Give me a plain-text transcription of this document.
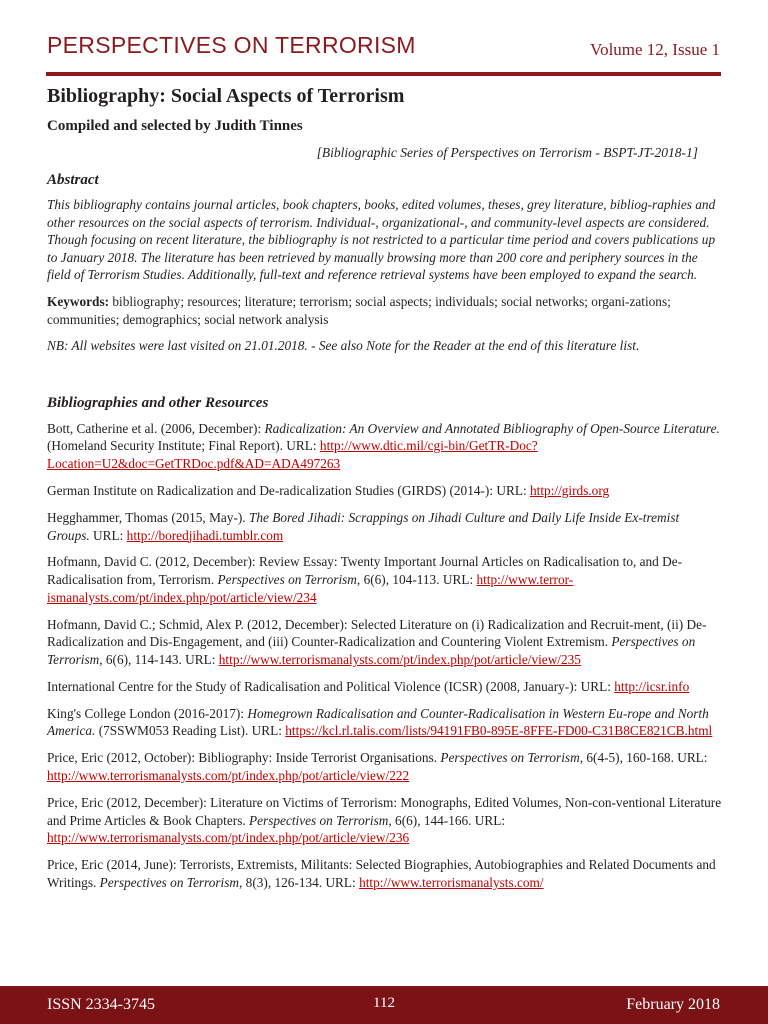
PERSPECTIVES ON TERRORISM	Volume 12, Issue 1
Bibliography: Social Aspects of Terrorism
Compiled and selected by Judith Tinnes
[Bibliographic Series of Perspectives on Terrorism - BSPT-JT-2018-1]
Abstract
This bibliography contains journal articles, book chapters, books, edited volumes, theses, grey literature, bibliog-raphies and other resources on the social aspects of terrorism. Individual-, organizational-, and community-level aspects are considered. Though focusing on recent literature, the bibliography is not restricted to a particular time period and covers publications up to January 2018. The literature has been retrieved by manually browsing more than 200 core and periphery sources in the field of Terrorism Studies. Additionally, full-text and reference retrieval systems have been employed to expand the search.
Keywords: bibliography; resources; literature; terrorism; social aspects; individuals; social networks; organi-zations; communities; demographics; social network analysis
NB: All websites were last visited on 21.01.2018. - See also Note for the Reader at the end of this literature list.
Bibliographies and other Resources
Bott, Catherine et al. (2006, December): Radicalization: An Overview and Annotated Bibliography of Open-Source Literature. (Homeland Security Institute; Final Report). URL: http://www.dtic.mil/cgi-bin/GetTR-Doc?Location=U2&doc=GetTRDoc.pdf&AD=ADA497263
German Institute on Radicalization and De-radicalization Studies (GIRDS) (2014-): URL: http://girds.org
Hegghammer, Thomas (2015, May-). The Bored Jihadi: Scrappings on Jihadi Culture and Daily Life Inside Ex-tremist Groups. URL: http://boredjihadi.tumblr.com
Hofmann, David C. (2012, December): Review Essay: Twenty Important Journal Articles on Radicalisation to, and De-Radicalisation from, Terrorism. Perspectives on Terrorism, 6(6), 104-113. URL: http://www.terror-ismanalysts.com/pt/index.php/pot/article/view/234
Hofmann, David C.; Schmid, Alex P. (2012, December): Selected Literature on (i) Radicalization and Recruit-ment, (ii) De-Radicalization and Dis-Engagement, and (iii) Counter-Radicalization and Countering Violent Extremism. Perspectives on Terrorism, 6(6), 114-143. URL: http://www.terrorismanalysts.com/pt/index.php/pot/article/view/235
International Centre for the Study of Radicalisation and Political Violence (ICSR) (2008, January-): URL: http://icsr.info
King's College London (2016-2017): Homegrown Radicalisation and Counter-Radicalisation in Western Eu-rope and North America. (7SSWM053 Reading List). URL: https://kcl.rl.talis.com/lists/94191FB0-895E-8FFE-FD00-C31B8CE821CB.html
Price, Eric (2012, October): Bibliography: Inside Terrorist Organisations. Perspectives on Terrorism, 6(4-5), 160-168. URL: http://www.terrorismanalysts.com/pt/index.php/pot/article/view/222
Price, Eric (2012, December): Literature on Victims of Terrorism: Monographs, Edited Volumes, Non-con-ventional Literature and Prime Articles & Book Chapters. Perspectives on Terrorism, 6(6), 144-166. URL: http://www.terrorismanalysts.com/pt/index.php/pot/article/view/236
Price, Eric (2014, June): Terrorists, Extremists, Militants: Selected Biographies, Autobiographies and Related Documents and Writings. Perspectives on Terrorism, 8(3), 126-134. URL: http://www.terrorismanalysts.com/
ISSN 2334-3745	112	February 2018
